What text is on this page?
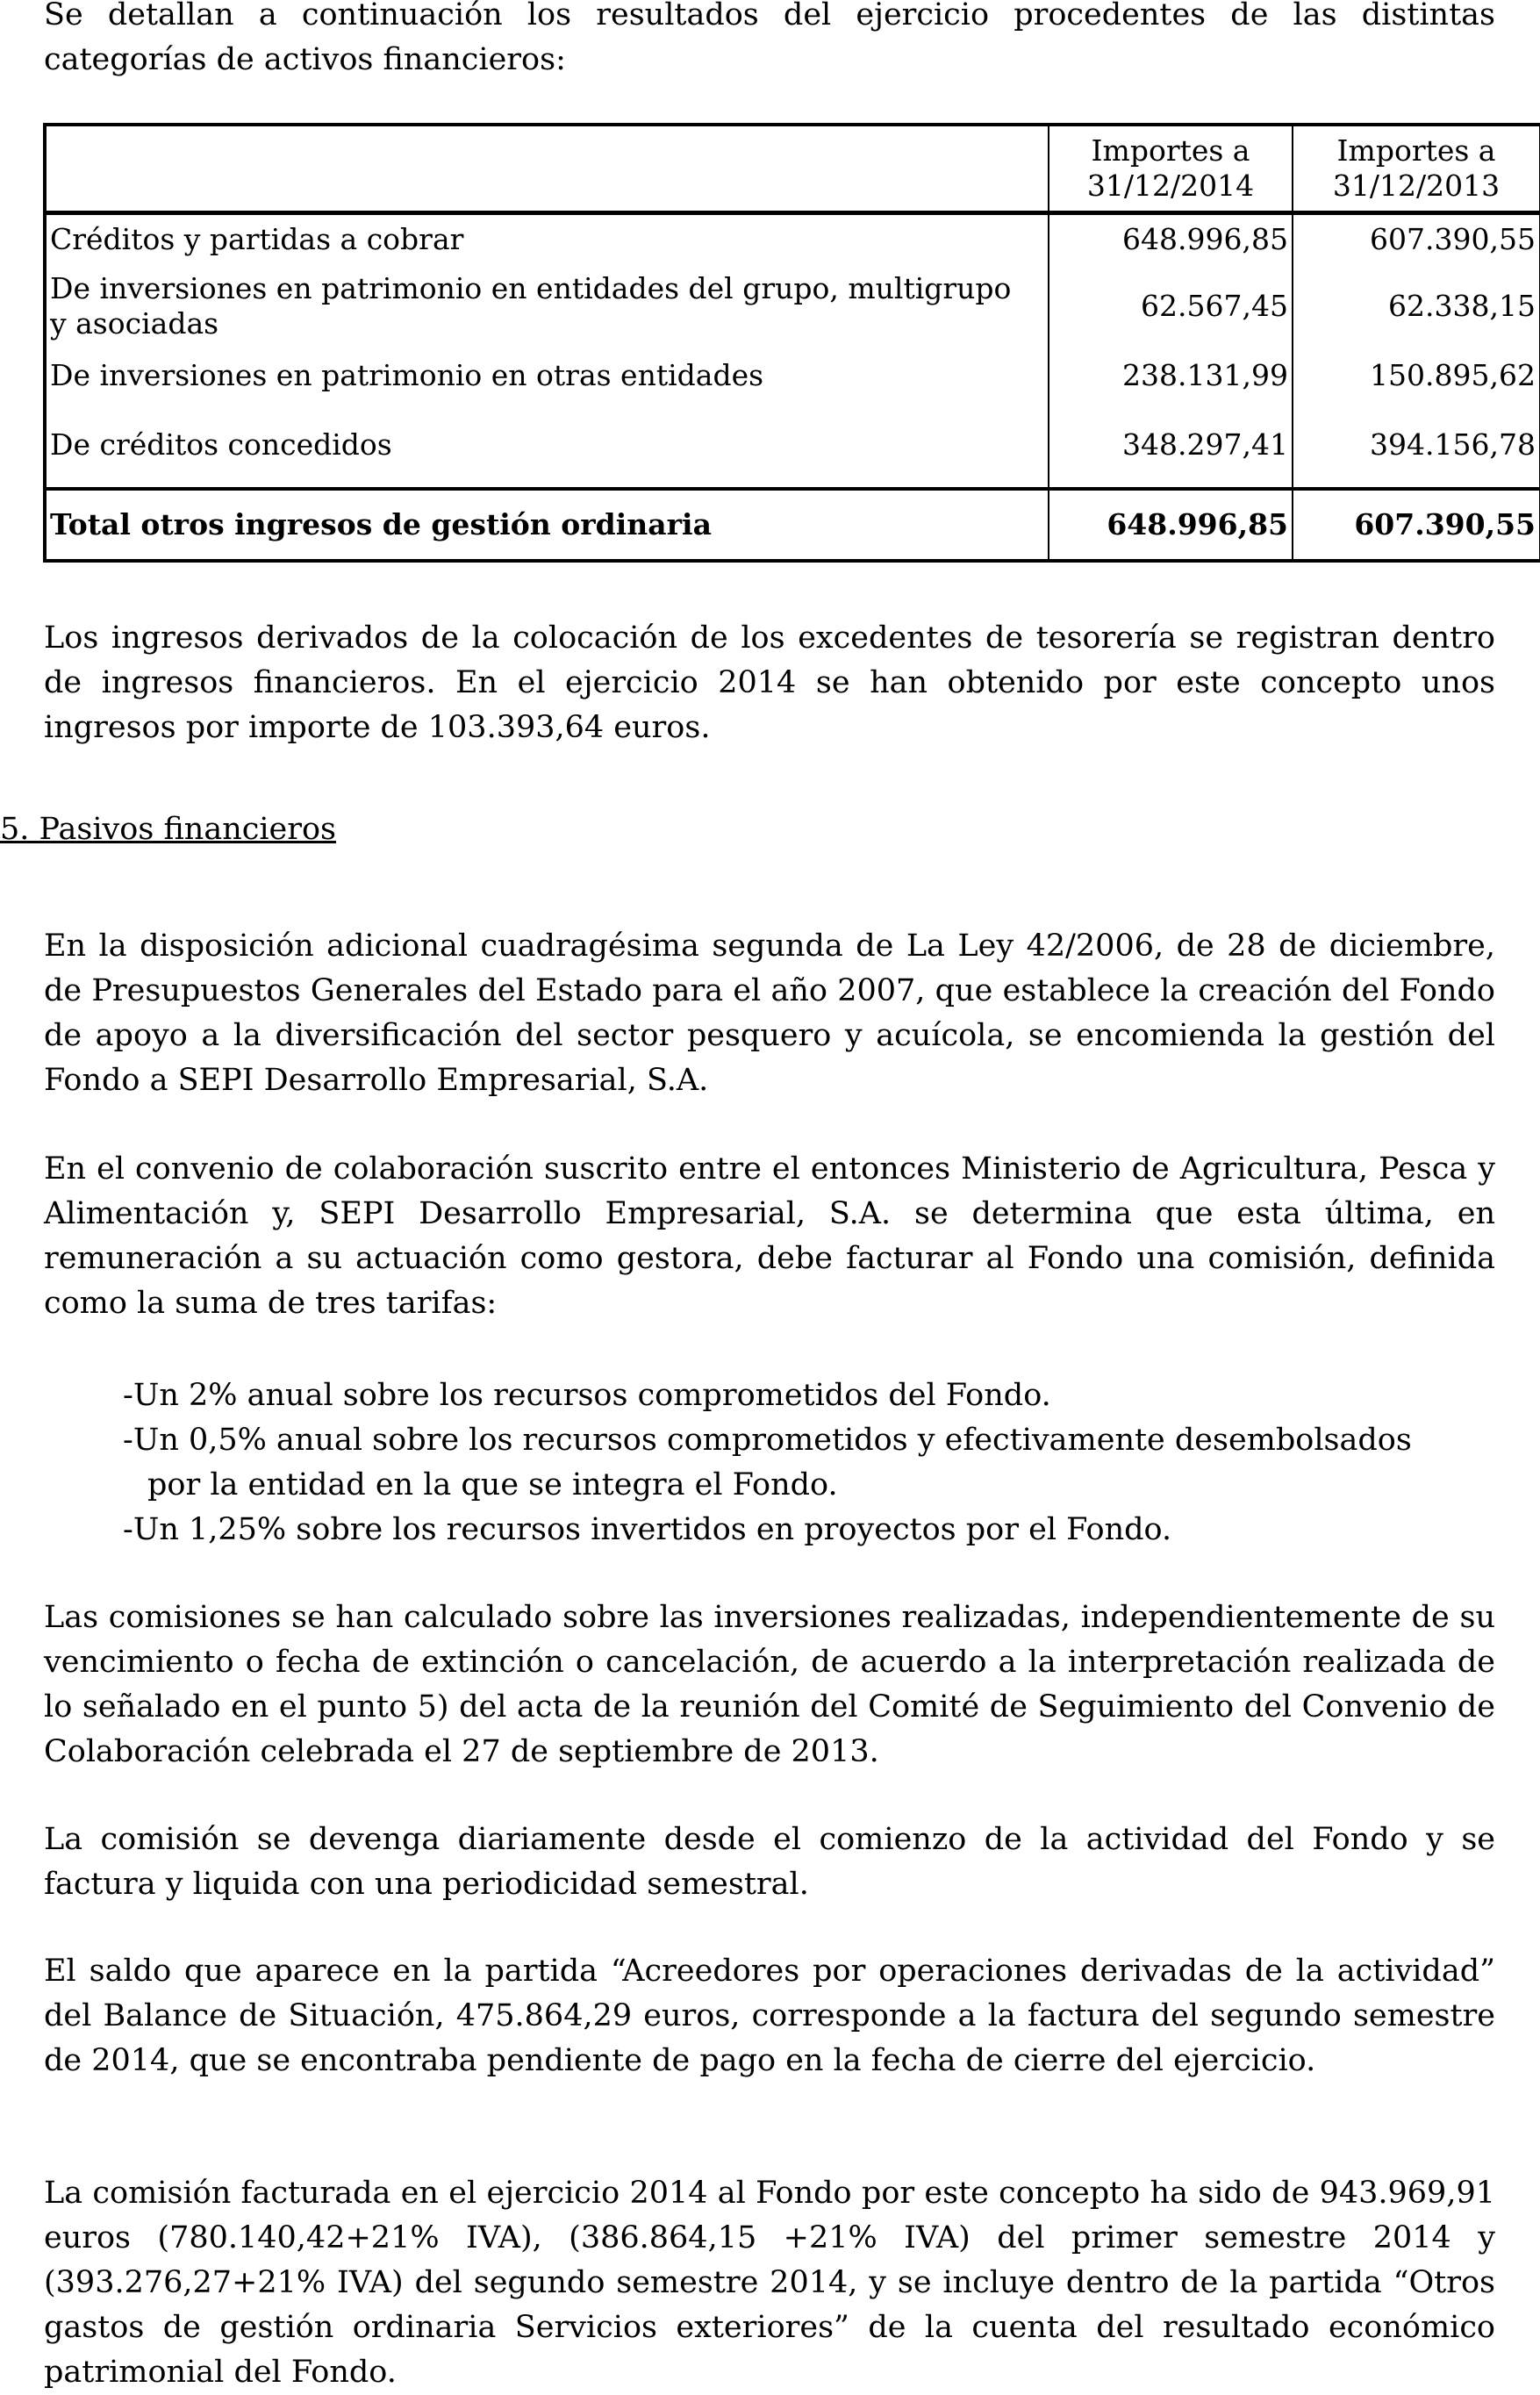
Se detallan a continuación los resultados del ejercicio procedentes de las distintas categorías de activos financieros:

	Importes a 31/12/2014	Importes a 31/12/2013
Créditos y partidas a cobrar	648.996,85	607.390,55
De inversiones en patrimonio en entidades del grupo, multigrupo y asociadas	62.567,45	62.338,15
De inversiones en patrimonio en otras entidades	238.131,99	150.895,62
De créditos concedidos	348.297,41	394.156,78
Total otros ingresos de gestión ordinaria	648.996,85	607.390,55

Los ingresos derivados de la colocación de los excedentes de tesorería se registran dentro de ingresos financieros. En el ejercicio 2014 se han obtenido por este concepto unos ingresos por importe de 103.393,64 euros.

5. Pasivos financieros

En la disposición adicional cuadragésima segunda de La Ley 42/2006, de 28 de diciembre, de Presupuestos Generales del Estado para el año 2007, que establece la creación del Fondo de apoyo a la diversificación del sector pesquero y acuícola, se encomienda la gestión del Fondo a SEPI Desarrollo Empresarial, S.A.

En el convenio de colaboración suscrito entre el entonces Ministerio de Agricultura, Pesca y Alimentación y, SEPI Desarrollo Empresarial, S.A. se determina que esta última, en remuneración a su actuación como gestora, debe facturar al Fondo una comisión, definida como la suma de tres tarifas:

-Un 2% anual sobre los recursos comprometidos del Fondo.
-Un 0,5% anual sobre los recursos comprometidos y efectivamente desembolsados
por la entidad en la que se integra el Fondo.
-Un 1,25% sobre los recursos invertidos en proyectos por el Fondo.

Las comisiones se han calculado sobre las inversiones realizadas, independientemente de su vencimiento o fecha de extinción o cancelación, de acuerdo a la interpretación realizada de lo señalado en el punto 5) del acta de la reunión del Comité de Seguimiento del Convenio de Colaboración celebrada el 27 de septiembre de 2013.

La comisión se devenga diariamente desde el comienzo de la actividad del Fondo y se factura y liquida con una periodicidad semestral.

El saldo que aparece en la partida “Acreedores por operaciones derivadas de la actividad” del Balance de Situación, 475.864,29 euros, corresponde a la factura del segundo semestre de 2014, que se encontraba pendiente de pago en la fecha de cierre del ejercicio.

La comisión facturada en el ejercicio 2014 al Fondo por este concepto ha sido de 943.969,91 euros (780.140,42+21% IVA), (386.864,15 +21% IVA) del primer semestre 2014 y (393.276,27+21% IVA) del segundo semestre 2014, y se incluye dentro de la partida “Otros gastos de gestión ordinaria Servicios exteriores” de la cuenta del resultado económico patrimonial del Fondo.
